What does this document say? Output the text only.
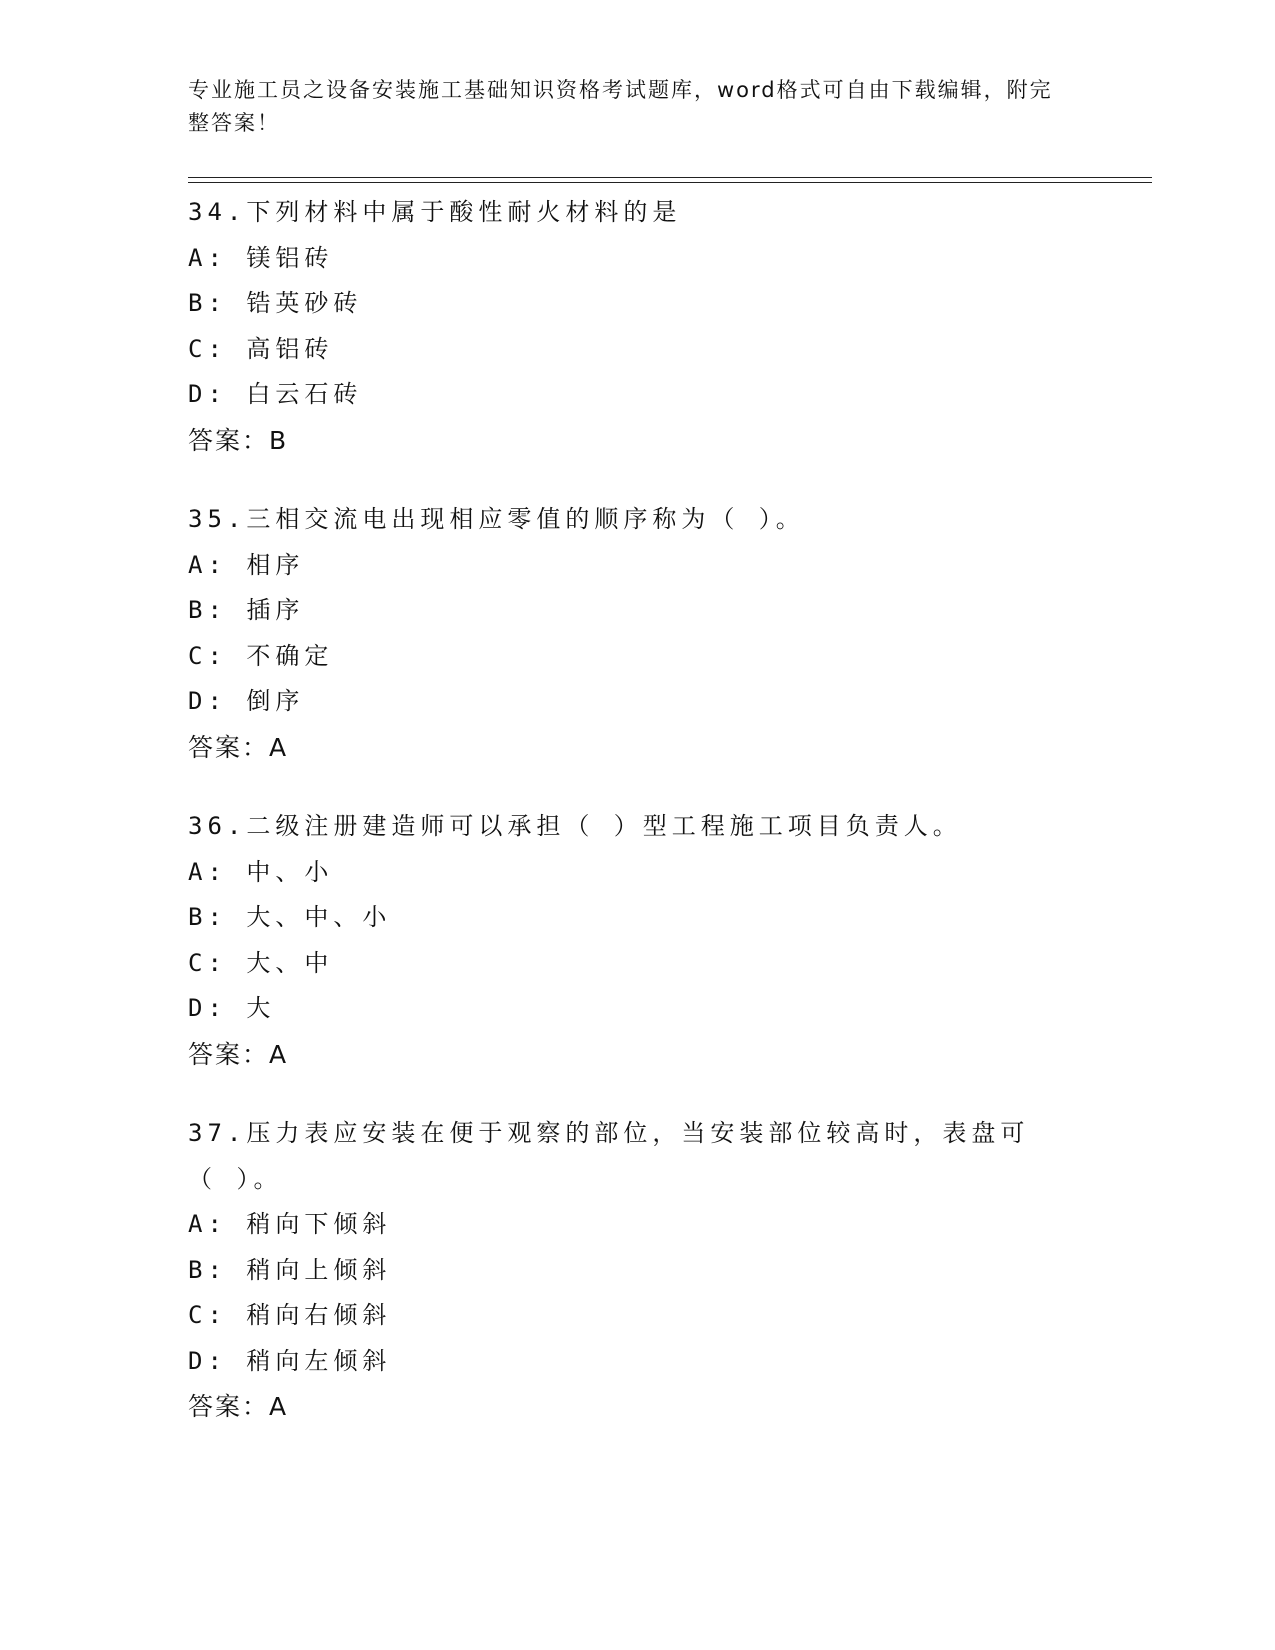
专业施工员之设备安装施工基础知识资格考试题库，word格式可自由下载编辑，附完整答案！
34.下列材料中属于酸性耐火材料的是
A: 镁铝砖
B: 锆英砂砖
C: 高铝砖
D: 白云石砖
答案：B
35.三相交流电出现相应零值的顺序称为（ ）。
A: 相序
B: 插序
C: 不确定
D: 倒序
答案：A
36.二级注册建造师可以承担（ ）型工程施工项目负责人。
A: 中、小
B: 大、中、小
C: 大、中
D: 大
答案：A
37.压力表应安装在便于观察的部位，当安装部位较高时，表盘可（ ）。
A: 稍向下倾斜
B: 稍向上倾斜
C: 稍向右倾斜
D: 稍向左倾斜
答案：A
